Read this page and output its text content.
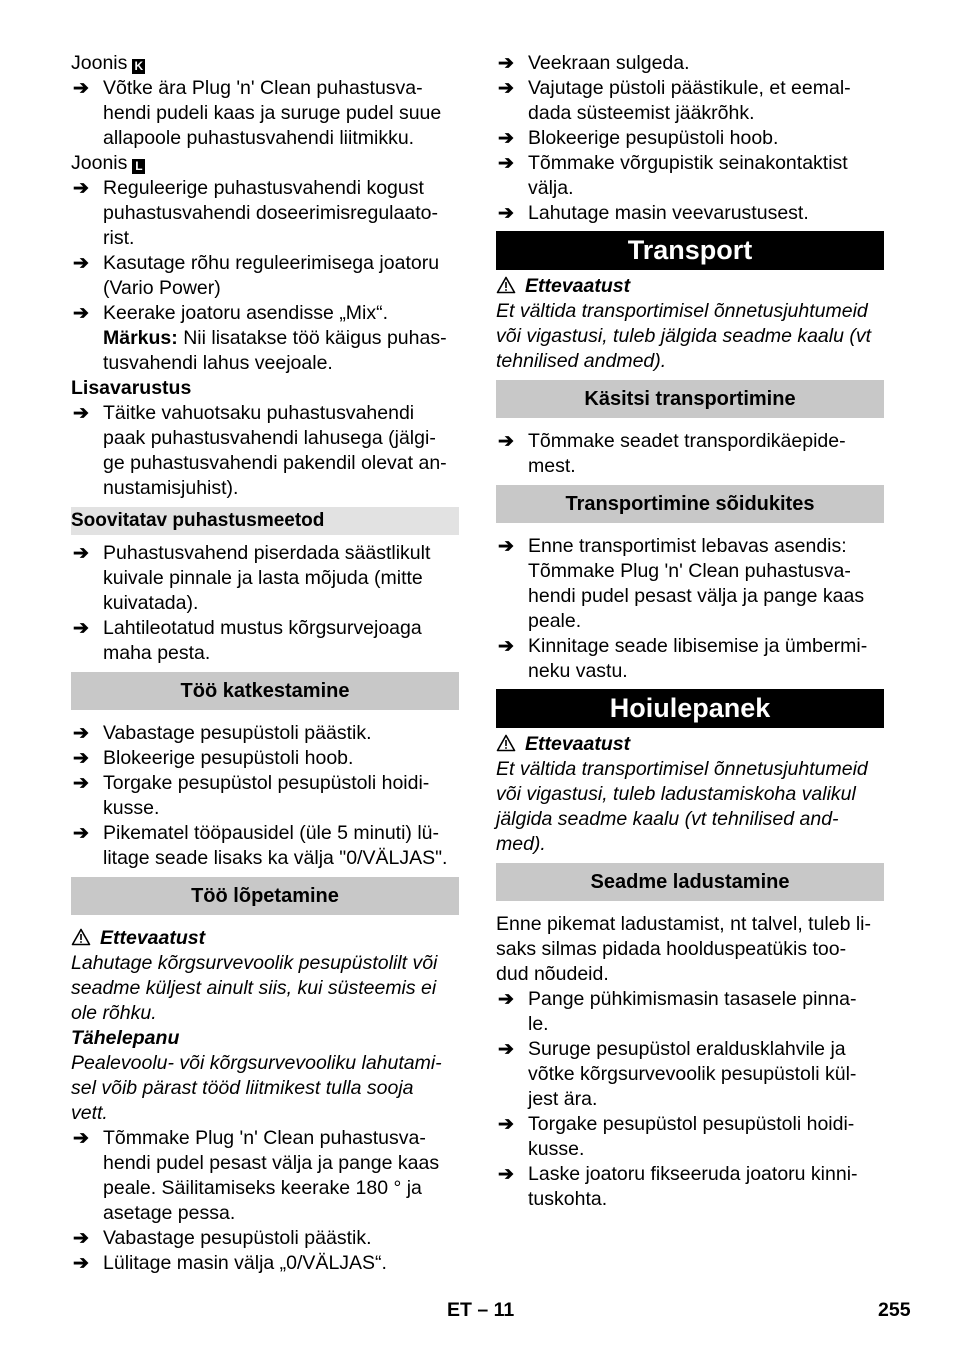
Joonis K

➔ Võtke ära Plug 'n' Clean puhastusva-
hendi pudeli kaas ja suruge pudel suue
allapoole puhastusvahendi liitmikku.

Joonis L

➔ Reguleerige puhastusvahendi kogust
puhastusvahendi doseerimisregulaato-
rist.
➔ Kasutage rõhu reguleerimisega joatoru
(Vario Power)
➔ Keerake joatoru asendisse „Mix“.

Märkus: Nii lisatakse töö käigus puhas-

tusvahendi lahus veejoale.

Lisavarustus

➔ Täitke vahuotsaku puhastusvahendi
paak puhastusvahendi lahusega (jälgi-
ge puhastusvahendi pakendil olevat an-
nustamisjuhist).
Soovitatav puhastusmeetod
➔ Puhastusvahend piserdada säästlikult
kuivale pinnale ja lasta mõjuda (mitte
kuivatada).
➔ Lahtileotatud mustus kõrgsurvejoaga
maha pesta.
Töö katkestamine
➔ Vabastage pesupüstoli päästik.
➔ Blokeerige pesupüstoli hoob.
➔ Torgake pesupüstol pesupüstoli hoidi-
kusse.
➔ Pikematel tööpausidel (üle 5 minuti) lü-
litage seade lisaks ka välja "0/VÄLJAS".
Töö lõpetamine

Ettevaatust

Lahutage kõrgsurvevoolik pesupüstolilt või
seadme küljest ainult siis, kui süsteemis ei
ole rõhku.

Tähelepanu

Pealevoolu- või kõrgsurvevooliku lahutami-
sel võib pärast tööd liitmikest tulla sooja
vett.
➔ Tõmmake Plug 'n' Clean puhastusva-
hendi pudel pesast välja ja pange kaas
peale. Säilitamiseks keerake 180 ° ja
asetage pessa.
➔ Vabastage pesupüstoli päästik.
➔ Lülitage masin välja „0/VÄLJAS“.
➔ Veekraan sulgeda.
➔ Vajutage püstoli päästikule, et eemal-
dada süsteemist jääkrõhk.
➔ Blokeerige pesupüstoli hoob.
➔ Tõmmake võrgupistik seinakontaktist
välja.
➔ Lahutage masin veevarustusest.
Transport

Ettevaatust

Et vältida transportimisel õnnetusjuhtumeid
või vigastusi, tuleb jälgida seadme kaalu (vt
tehnilised andmed).
Käsitsi transportimine
➔ Tõmmake seadet transpordikäepide-
mest.
Transportimine sõidukites
➔ Enne transportimist lebavas asendis:
Tõmmake Plug 'n' Clean puhastusva-
hendi pudel pesast välja ja pange kaas
peale.
➔ Kinnitage seade libisemise ja ümbermi-
neku vastu.
Hoiulepanek

Ettevaatust

Et vältida transportimisel õnnetusjuhtumeid
või vigastusi, tuleb ladustamiskoha valikul
jälgida seadme kaalu (vt tehnilised and-
med).
Seadme ladustamine
Enne pikemat ladustamist, nt talvel, tuleb li-
saks silmas pidada hoolduspeatükis too-
dud nõudeid.
➔ Pange pühkimismasin tasasele pinna-
le.
➔ Suruge pesupüstol eraldusklahvile ja
võtke kõrgsurvevoolik pesupüstoli kül-
jest ära.
➔ Torgake pesupüstol pesupüstoli hoidi-
kusse.
➔ Laske joatoru fikseeruda joatoru kinni-
tuskohta.
ET – 11	255
